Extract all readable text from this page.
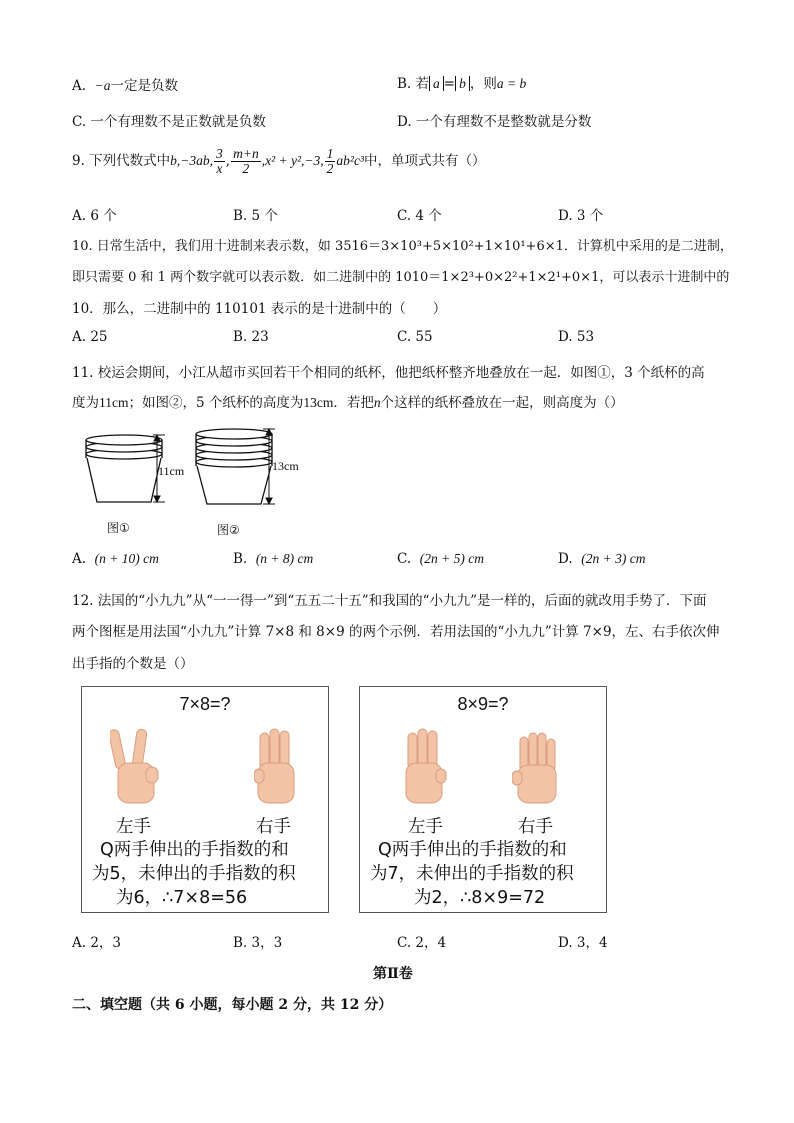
A. −a一定是负数	B. 若 a = b ，则a = b
C. 一个有理数不是正数就是负数	D. 一个有理数不是整数就是分数
9. 下列代数式中b,−3ab, $\frac{3}{x}$ , $\frac{m+n}{2} ,x^2 + y^2,-3$, $\frac{1}{2} ab^2c^3$中，单项式共有（）
A. 6 个	B. 5 个	C. 4 个	D. 3 个
10. 日常生活中，我们用十进制来表示数，如 3516＝3×10³+5×10²+1×10¹+6×1．计算机中采用的是二进制，
即只需要 0 和 1 两个数字就可以表示数．如二进制中的 1010＝1×2³+0×2²+1×2¹+0×1，可以表示十进制中的
10．那么，二进制中的 110101 表示的是十进制中的（　　）
A. 25	B. 23	C. 55	D. 53
11. 校运会期间，小江从超市买回若干个相同的纸杯，他把纸杯整齐地叠放在一起．如图①，3 个纸杯的高
度为11cm；如图②，5 个纸杯的高度为13cm．若把n个这样的纸杯叠放在一起，则高度为（）
11cm
图①
13cm
图②
A. (n + 10) cm	B. (n + 8) cm	C. (2n + 5) cm	D. (2n + 3) cm
12. 法国的“小九九”从“一一得一”到“五五二十五”和我国的“小九九”是一样的，后面的就改用手势了．下面
两个图框是用法国“小九九”计算 7×8 和 8×9 的两个示例．若用法国的“小九九”计算 7×9，左、右手依次伸
出手指的个数是（）
7×8=?
左手	右手
Q两手伸出的手指数的和
为5，未伸出的手指数的积
为6，∴7×8=56
8×9=?
左手	右手
Q两手伸出的手指数的和
为7，未伸出的手指数的积
为2，∴8×9=72
A. 2，3	B. 3，3	C. 2，4	D. 3，4
第Ⅱ卷
二、填空题（共 6 小题，每小题 2 分，共 12 分）
